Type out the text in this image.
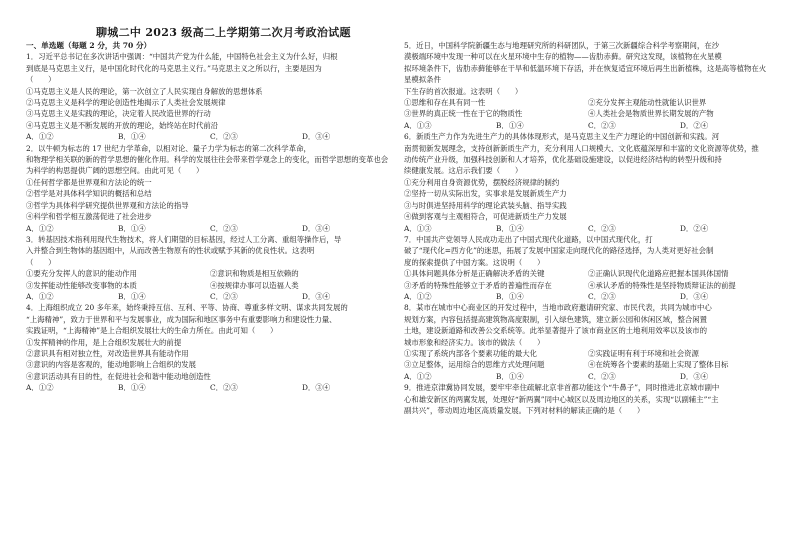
聊城二中 2023 级高二上学期第二次月考政治试题

一、单选题（每题 2 分，共 70 分）

1．习近平总书记在多次讲话中强调：“中国共产党为什么能，中国特色社会主义为什么好，归根

到底是马克思主义行，是中国化时代化的马克思主义行。”马克思主义之所以行，主要是因为

（　　）

①马克思主义是人民的理论，第一次创立了人民实现自身解放的思想体系

②马克思主义是科学的理论创造性地揭示了人类社会发展规律

③马克思主义是实践的理论，决定着人民改造世界的行动

④马克思主义是不断发展的开放的理论，始终站在时代前沿

A．①②	B．①④	C．②③	D．③④

2．以牛顿为标志的 17 世纪力学革命，以相对论、量子力学为标志的第二次科学革命，

和物理学相关联的新的哲学思想的催化作用。科学的发展往往会带来哲学观念上的变化，而哲学思想的变革也会

为科学的构思提供广阔的思想空间。由此可见（　　）

①任何哲学都是世界观和方法论的统一

②哲学是对具体科学知识的概括和总结

③哲学为具体科学研究提供世界观和方法论的指导

④科学和哲学相互激荡促进了社会进步

A．①②	B．①④	C．②③	D．③④

3．转基因技术指利用现代生物技术，将人们期望的目标基因，经过人工分离、重组等操作后，导

入并整合到生物体的基因组中，从而改善生物原有的性状或赋予其新的优良性状。这表明

（　　）

①要充分发挥人的意识的能动作用	②意识和物质是相互依赖的
③发挥能动性能够改变事物的本质	④按规律办事可以造福人类
A．①②	B．①④	C．②③	D．③④

4．上海组织成立 20 多年来，始终秉持互信、互利、平等、协商、尊重多样文明、谋求共同发展的

“上海精神”，致力于世界和平与发展事业，成为国际和地区事务中有重要影响力和建设性力量、

实践证明，“上海精神”是上合组织发展壮大的生命力所在。由此可知（　　）

①发挥精神的作用，是上合组织发展壮大的前提

②意识具有相对独立性，对改造世界具有能动作用

③意识的内容是客观的，能动地影响上合组织的发展

④意识活动具有目的性，在促进社会和谐中能动地创造性

A．①②	B．①④	C．②③	D．③④

5．近日，中国科学院新疆生态与地理研究所的科研团队，于第三次新疆综合科学考察期间，在沙

漠极端环境中发现一种可以在火星环境中生存的植物——齿肋赤藓。研究这发现，该植物在火星模

拟环境条件下，齿肋赤藓能够在干旱和低温环境下存活，并在恢复适宜环境后再生出新植株，这是高等植物在火星模拟条件

下生存的首次报道。这表明（　　）

①思维和存在具有同一性	②充分发挥主观能动性就能认识世界
③世界的真正统一性在于它的物质性	④人类社会是物质世界长期发展的产物
A．①③	B．①④	C．②③	D．②④

6．新质生产力作为先进生产力的具体体现形式，是马克思主义生产力理论的中国创新和实践。河

南贯彻新发展理念，支持创新新质生产力，充分利用人口规模大、文化底蕴深厚和丰富的文化资源等优势，推

动传统产业升级，加强科技创新和人才培养，优化基础设施建设，以促进经济结构的转型升级和持

续健康发展。这启示我们要（　　）

①充分利用自身资源优势，摆脱经济规律的制约

②坚持一切从实际出发，实事求是发展新质生产力

③与时俱进坚持用科学的理论武装头脑、指导实践

④做到客观与主观相符合，可促进新质生产力发展

A．①③	B．①④	C．②③	D．②④

7．中国共产党领导人民成功走出了中国式现代化道路，以中国式现代化，打

破了“现代化=西方化”的迷思，拓展了发展中国家走向现代化的路径选择，为人类对更好社会制

度的探索提供了中国方案。这说明（　　）

①具体问题具体分析是正确解决矛盾的关键	②正确认识现代化道路应把握本国具体国情
③矛盾的特殊性能够立于矛盾的普遍性而存在	④承认矛盾的特殊性是坚持物质辩证法的前提
A．①②	B．①④	C．②③	D．③④

8．某市在城市中心商业区的开发过程中，当地市政府邀请研究家、市民代表，共同为城市中心

规划方案，内容包括提高建筑物高度限制，引入绿色建筑，建立新公园和休闲区域，整合闲置

土地，建设新道路和改善公交系统等。此举显著提升了该市商业区的土地利用效率以及该市的

城市形象和经济实力。该市的做法（　　）

①实现了系统内部各个要素功能的最大化	②实践证明有利于环境和社会资源
③立足整体，运用综合的思维方式处理问题	④在统筹各个要素的基础上实现了整体目标
A．①②	B．①④	C．②③	D．③④

9．推进京津冀协同发展，要牢牢牵住疏解北京非首都功能这个“牛鼻子”，同时推进北京城市副中

心和雄安新区的两翼发展，处理好“新两翼”同中心城区以及周边地区的关系，实现“以副辅主”“主

副共兴”，带动周边地区高质量发展。下列对材料的解读正确的是（　　）
